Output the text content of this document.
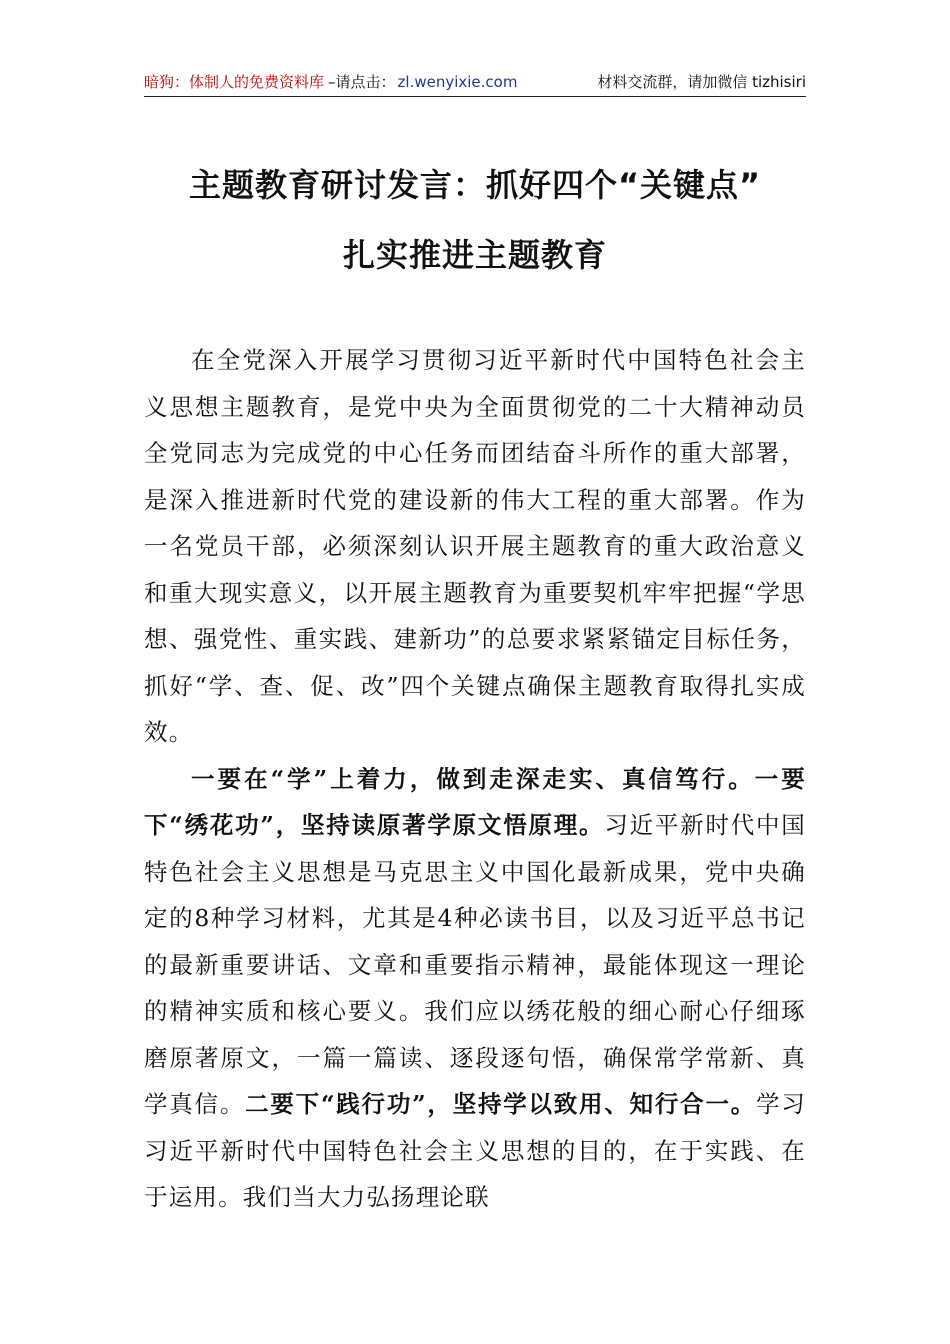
暗狗：体制人的免费资料库 –请点击： zl.wenyixie.com	材料交流群，请加微信 tizhisiri
主题教育研讨发言：抓好四个“关键点”
扎实推进主题教育

在全党深入开展学习贯彻习近平新时代中国特色社会主义思想主题教育，是党中央为全面贯彻党的二十大精神动员全党同志为完成党的中心任务而团结奋斗所作的重大部署，是深入推进新时代党的建设新的伟大工程的重大部署。作为一名党员干部，必须深刻认识开展主题教育的重大政治意义和重大现实意义，以开展主题教育为重要契机牢牢把握“学思想、强党性、重实践、建新功”的总要求紧紧锚定目标任务，抓好“学、查、促、改”四个关键点确保主题教育取得扎实成效。

一要在“学”上着力，做到走深走实、真信笃行。一要下“绣花功”，坚持读原著学原文悟原理。习近平新时代中国特色社会主义思想是马克思主义中国化最新成果，党中央确定的8种学习材料，尤其是4种必读书目，以及习近平总书记的最新重要讲话、文章和重要指示精神，最能体现这一理论的精神实质和核心要义。我们应以绣花般的细心耐心仔细琢磨原著原文，一篇一篇读、逐段逐句悟，确保常学常新、真学真信。二要下“践行功”，坚持学以致用、知行合一。学习习近平新时代中国特色社会主义思想的目的，在于实践、在于运用。我们当大力弘扬理论联
